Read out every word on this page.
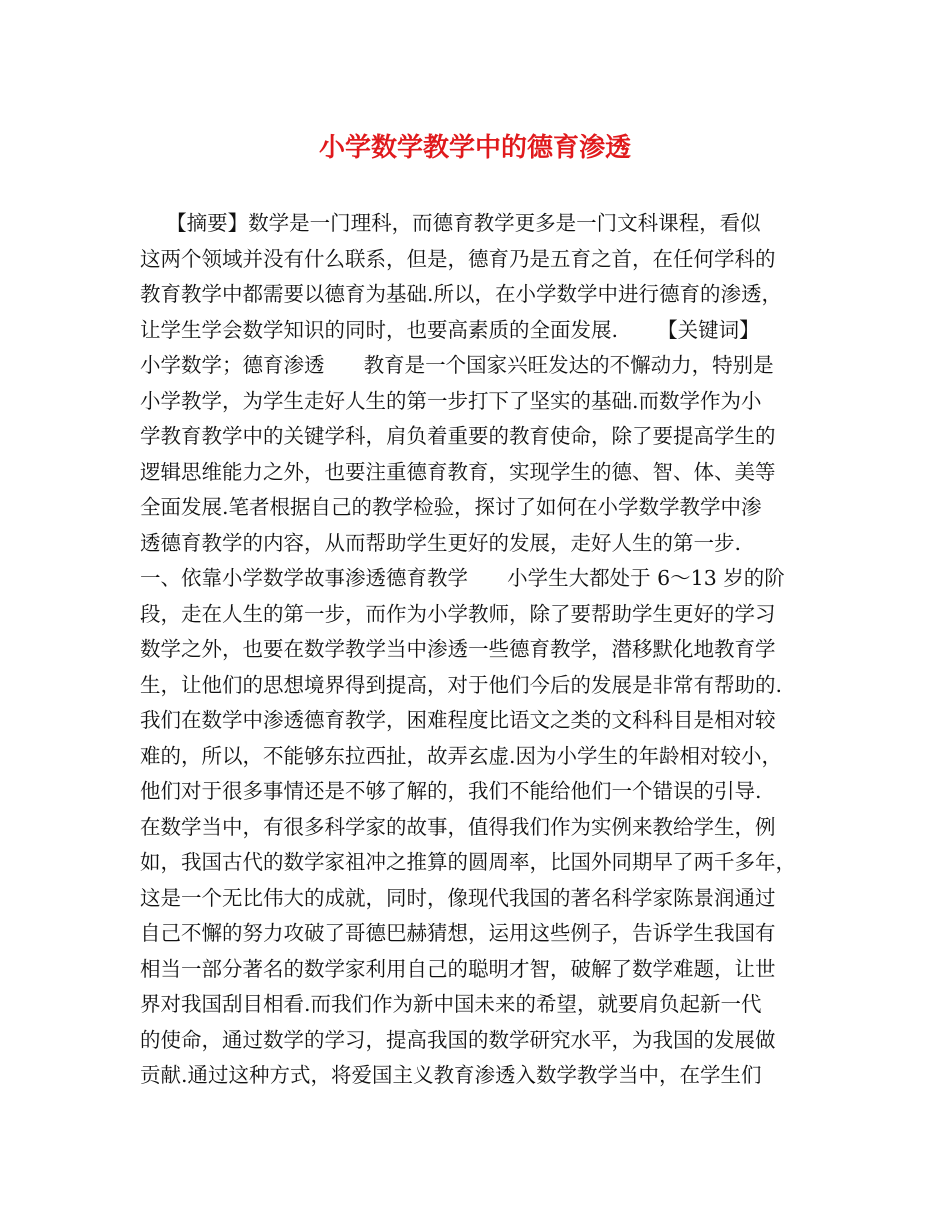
小学数学教学中的德育渗透
【摘要】数学是一门理科，而德育教学更多是一门文科课程，看似
这两个领域并没有什么联系，但是，德育乃是五育之首，在任何学科的
教育教学中都需要以德育为基础.所以，在小学数学中进行德育的渗透，
让学生学会数学知识的同时，也要高素质的全面发展.      【关键词】
小学数学；德育渗透      教育是一个国家兴旺发达的不懈动力，特别是
小学教学，为学生走好人生的第一步打下了坚实的基础.而数学作为小
学教育教学中的关键学科，肩负着重要的教育使命，除了要提高学生的
逻辑思维能力之外，也要注重德育教育，实现学生的德、智、体、美等
全面发展.笔者根据自己的教学检验，探讨了如何在小学数学教学中渗
透德育教学的内容，从而帮助学生更好的发展，走好人生的第一步.
一、依靠小学数学故事渗透德育教学      小学生大都处于 6～13 岁的阶
段，走在人生的第一步，而作为小学教师，除了要帮助学生更好的学习
数学之外，也要在数学教学当中渗透一些德育教学，潜移默化地教育学
生，让他们的思想境界得到提高，对于他们今后的发展是非常有帮助的.
我们在数学中渗透德育教学，困难程度比语文之类的文科科目是相对较
难的，所以，不能够东拉西扯，故弄玄虚.因为小学生的年龄相对较小，
他们对于很多事情还是不够了解的，我们不能给他们一个错误的引导.
在数学当中，有很多科学家的故事，值得我们作为实例来教给学生，例
如，我国古代的数学家祖冲之推算的圆周率，比国外同期早了两千多年，
这是一个无比伟大的成就，同时，像现代我国的著名科学家陈景润通过
自己不懈的努力攻破了哥德巴赫猜想，运用这些例子，告诉学生我国有
相当一部分著名的数学家利用自己的聪明才智，破解了数学难题，让世
界对我国刮目相看.而我们作为新中国未来的希望，就要肩负起新一代
的使命，通过数学的学习，提高我国的数学研究水平，为我国的发展做
贡献.通过这种方式，将爱国主义教育渗透入数学教学当中，在学生们
